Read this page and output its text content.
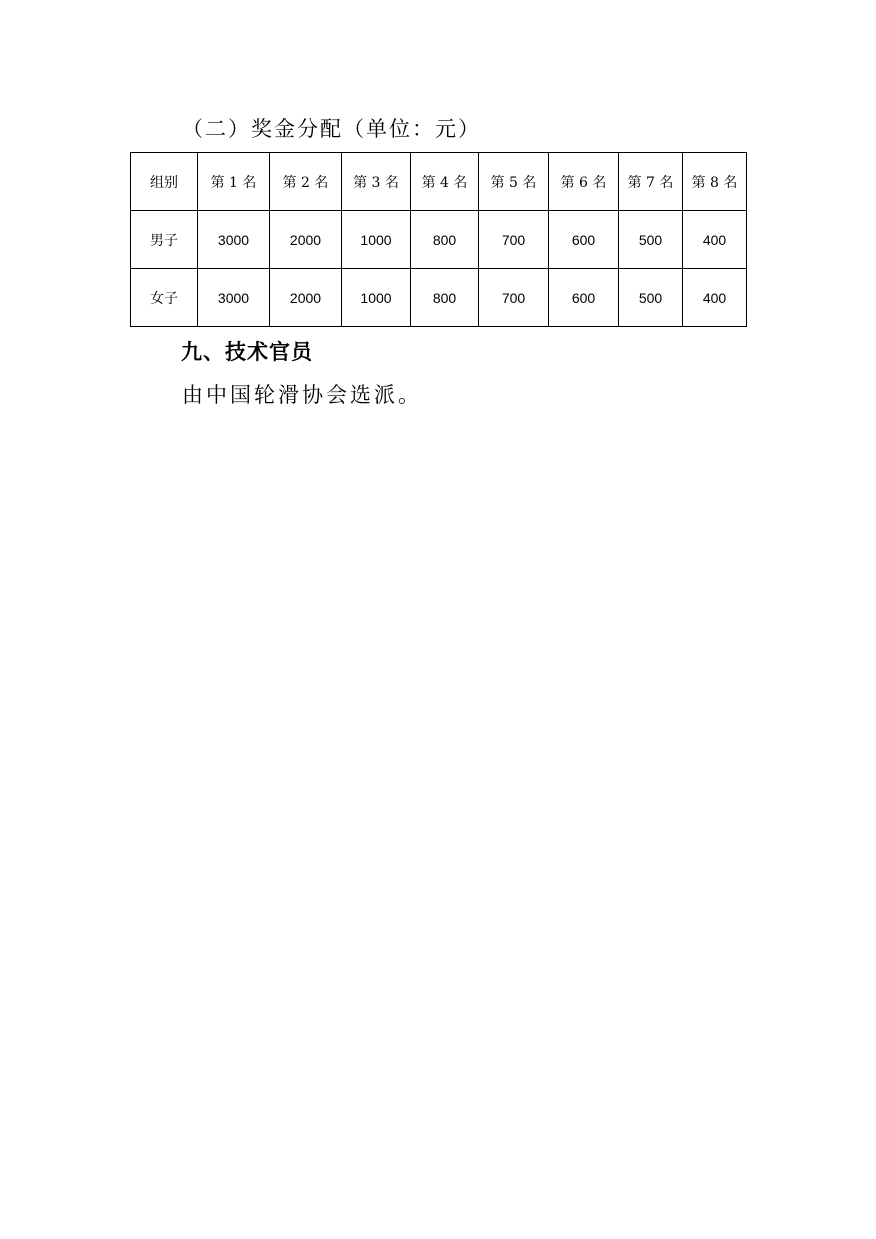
（二）奖金分配（单位：元）
组别	第 1 名	第 2 名	第 3 名	第 4 名	第 5 名	第 6 名	第 7 名	第 8 名
男子	3000	2000	1000	800	700	600	500	400
女子	3000	2000	1000	800	700	600	500	400
九、技术官员
由中国轮滑协会选派。
